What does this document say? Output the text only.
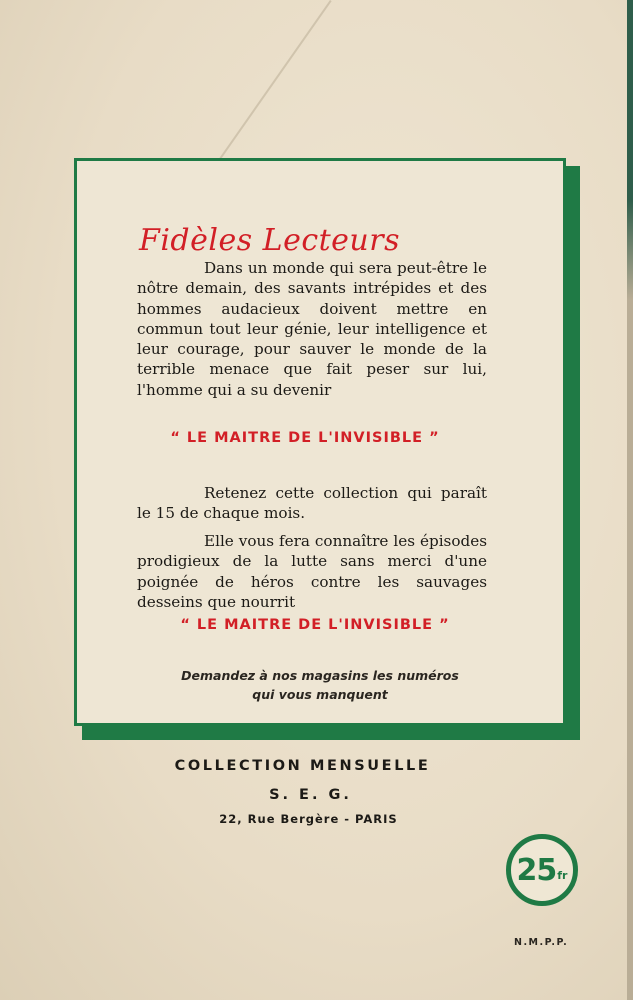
Fidèles Lecteurs

Dans un monde qui sera peut-être le nôtre demain, des savants intrépides et des hommes audacieux doivent mettre en commun tout leur génie, leur intelligence et leur courage, pour sauver le monde de la terrible menace que fait peser sur lui, l'homme qui a su devenir

“ LE MAITRE DE L'INVISIBLE ”

Retenez cette collection qui paraît le 15 de chaque mois.

Elle vous fera connaître les épisodes prodigieux de la lutte sans merci d'une poignée de héros contre les sauvages desseins que nourrit

“ LE MAITRE DE L'INVISIBLE ”

Demandez à nos magasins les numéros
qui vous manquent

COLLECTION MENSUELLE

S. E. G.

22, Rue Bergère - PARIS

25 fr

N.M.P.P.
